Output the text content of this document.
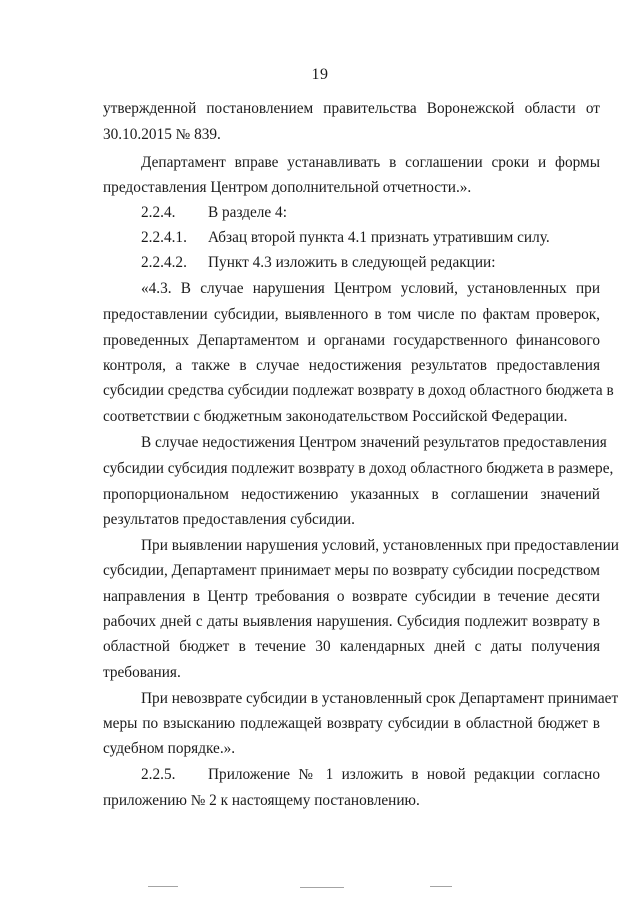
19
утвержденной постановлением правительства Воронежской области от
30.10.2015 № 839.
Департамент вправе устанавливать в соглашении сроки и формы
предоставления Центром дополнительной отчетности.».
2.2.4. В разделе 4:
2.2.4.1. Абзац второй пункта 4.1 признать утратившим силу.
2.2.4.2. Пункт 4.3 изложить в следующей редакции:
«4.3. В случае нарушения Центром условий, установленных при
предоставлении субсидии, выявленного в том числе по фактам проверок,
проведенных Департаментом и органами государственного финансового
контроля, а также в случае недостижения результатов предоставления
субсидии средства субсидии подлежат возврату в доход областного бюджета в
соответствии с бюджетным законодательством Российской Федерации.
В случае недостижения Центром значений результатов предоставления
субсидии субсидия подлежит возврату в доход областного бюджета в размере,
пропорциональном недостижению указанных в соглашении значений
результатов предоставления субсидии.
При выявлении нарушения условий, установленных при предоставлении
субсидии, Департамент принимает меры по возврату субсидии посредством
направления в Центр требования о возврате субсидии в течение десяти
рабочих дней с даты выявления нарушения. Субсидия подлежит возврату в
областной бюджет в течение 30 календарных дней с даты получения
требования.
При невозврате субсидии в установленный срок Департамент принимает
меры по взысканию подлежащей возврату субсидии в областной бюджет в
судебном порядке.».
2.2.5. Приложение № 1 изложить в новой редакции согласно
приложению № 2 к настоящему постановлению.
